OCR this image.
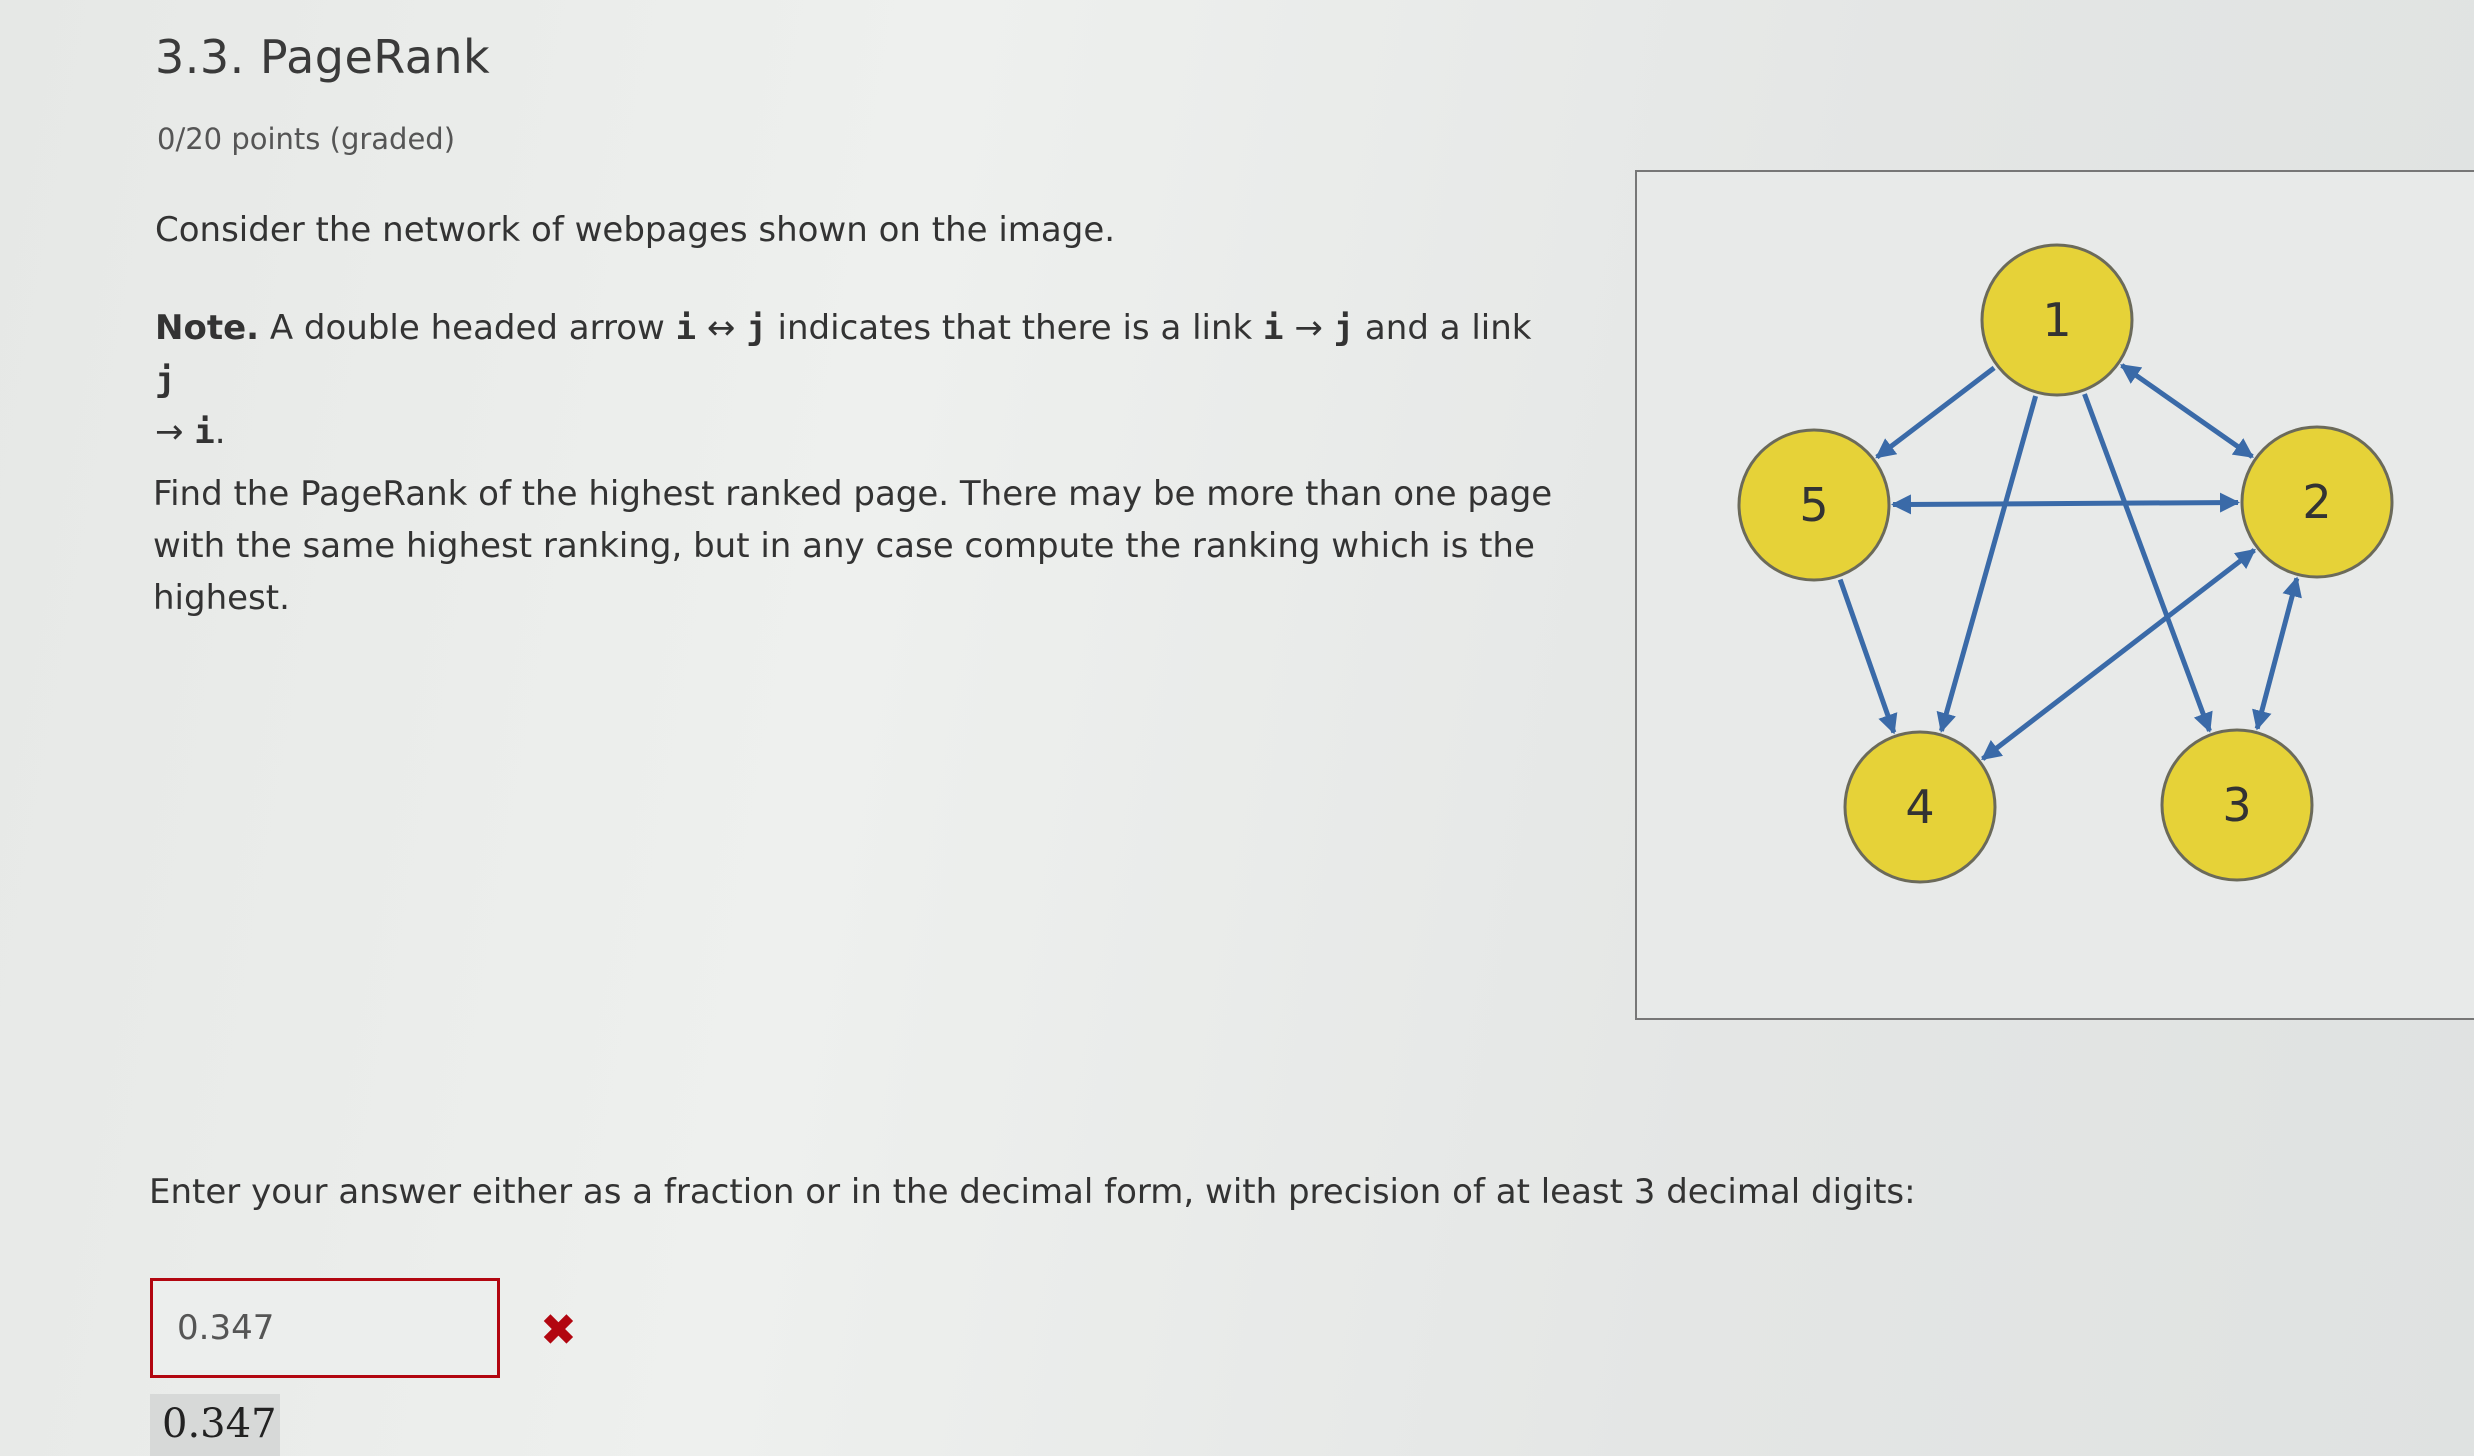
3.3. PageRank
0/20 points (graded)
Consider the network of webpages shown on the image.
Note. A double headed arrow i ↔ j indicates that there is a link i → j and a link j
→ i.
Find the PageRank of the highest ranked page. There may be more than one page with the same highest ranking, but in any case compute the ranking which is the highest.
1
2
3
4
5
Enter your answer either as a fraction or in the decimal form, with precision of at least 3 decimal digits:
0.347
✖
0.347
